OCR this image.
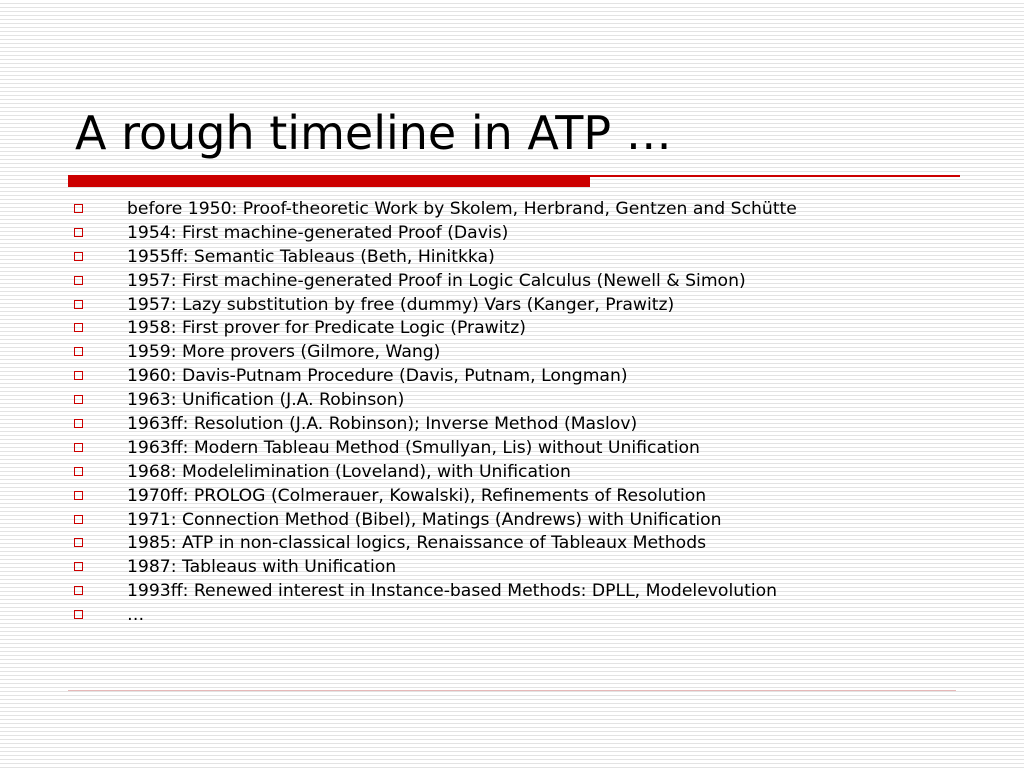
A rough timeline in ATP …
before 1950: Proof-theoretic Work by Skolem, Herbrand, Gentzen and Schütte
1954: First machine-generated Proof (Davis)
1955ff: Semantic Tableaus (Beth, Hinitkka)
1957: First machine-generated Proof in Logic Calculus (Newell & Simon)
1957: Lazy substitution by free (dummy) Vars (Kanger, Prawitz)
1958: First prover for Predicate Logic (Prawitz)
1959: More provers (Gilmore, Wang)
1960: Davis-Putnam Procedure (Davis, Putnam, Longman)
1963: Unification (J.A. Robinson)
1963ff: Resolution (J.A. Robinson); Inverse Method (Maslov)
1963ff: Modern Tableau Method (Smullyan, Lis) without Unification
1968: Modelelimination (Loveland), with Unification
1970ff: PROLOG (Colmerauer, Kowalski), Refinements of Resolution
1971: Connection Method (Bibel), Matings (Andrews) with Unification
1985: ATP in non-classical logics, Renaissance of Tableaux Methods
1987: Tableaus with Unification
1993ff: Renewed interest in Instance-based Methods: DPLL, Modelevolution
…
